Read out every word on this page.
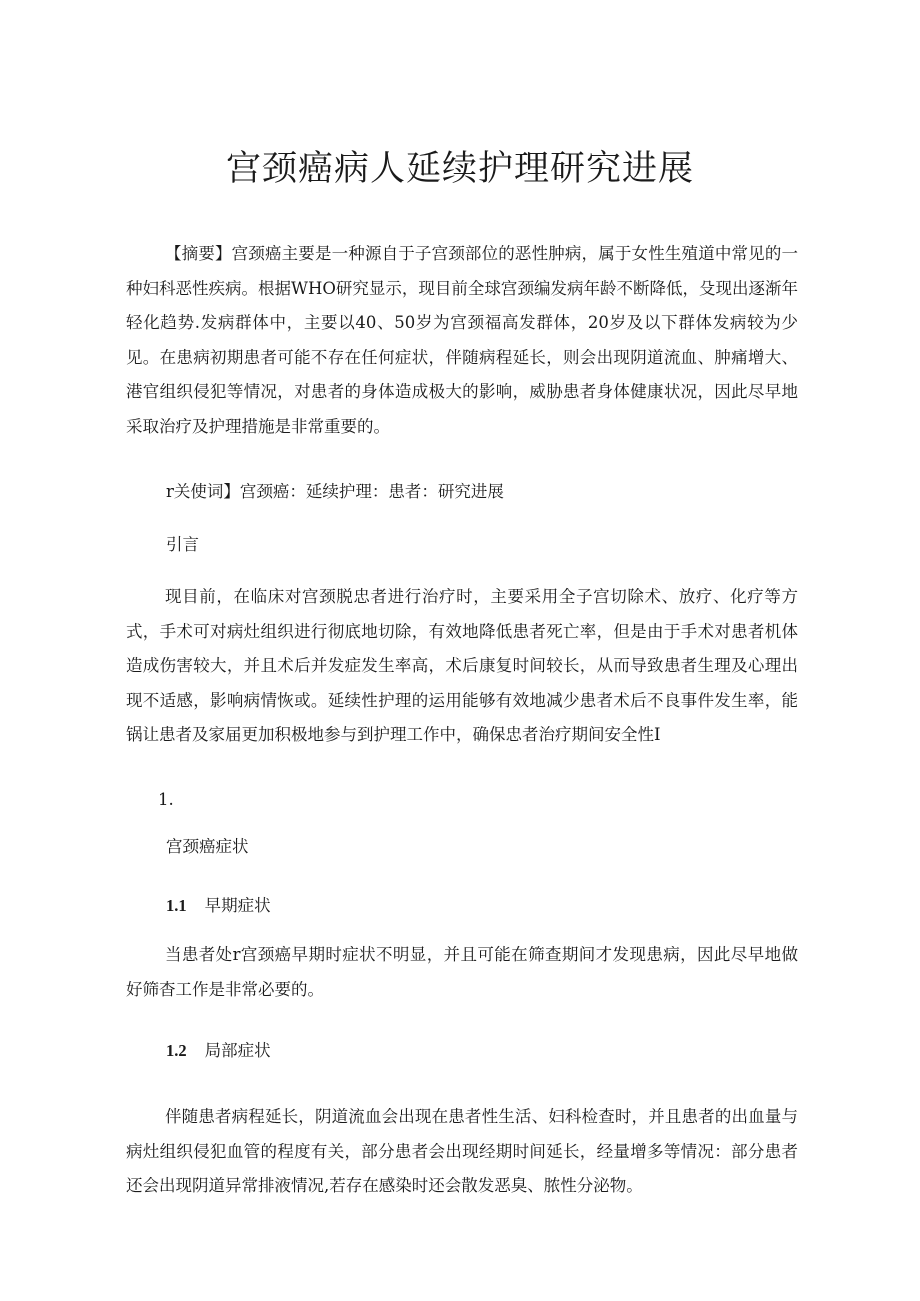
宫颈癌病人延续护理研究进展

【摘要】宫颈癌主要是一种源自于子宫颈部位的恶性肿病，属于女性生殖道中常见的一种妇科恶性疾病。根据WHO研究显示，现目前全球宫颈编发病年龄不断降低，殳现出逐渐年轻化趋势.发病群体中，主要以40、50岁为宫颈福高发群体，20岁及以下群体发病较为少见。在患病初期患者可能不存在任何症状，伴随病程延长，则会出现阴道流血、肿痛增大、港官组织侵犯等情况，对患者的身体造成极大的影响，威胁患者身体健康状况，因此尽早地采取治疗及护理措施是非常重要的。

r关使词】宫颈癌：延续护理：患者：研究进展

引言

现目前，在临床对宫颈脱忠者进行治疗时，主要采用全子宫切除术、放疗、化疗等方式，手术可对病灶组织进行彻底地切除，有效地降低患者死亡率，但是由于手术对患者机体造成伤害较大，并且术后并发症发生率高，术后康复时间较长，从而导致患者生理及心理出现不适感，影响病情恢或。延续性护理的运用能够有效地减少患者术后不良事件发生率，能锅让患者及家届更加积极地参与到护理工作中，确保忠者治疗期间安全性I

1.

宫颈癌症状

1.1 早期症状

当患者处r宫颈癌早期时症状不明显，并且可能在筛查期间才发现患病，因此尽早地做好筛杳工作是非常必要的。

1.2 局部症状

伴随患者病程延长，阴道流血会出现在患者性生活、妇科检查时，并且患者的出血量与病灶组织侵犯血管的程度有关，部分患者会出现经期时间延长，经量增多等情况：部分患者还会出现阴道异常排液情况,若存在感染时还会散发恶臭、脓性分泌物。
